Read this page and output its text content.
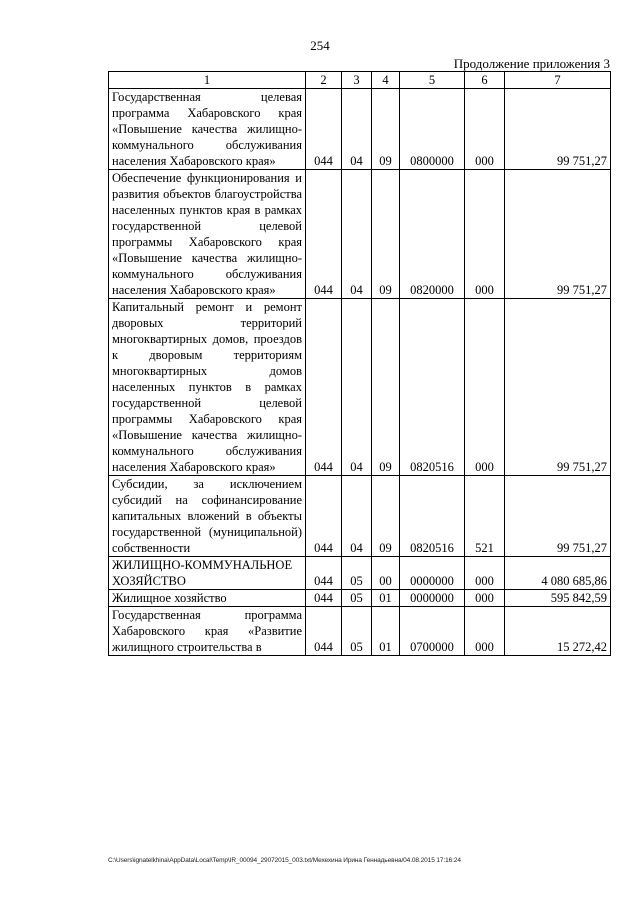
254
Продолжение приложения 3
1	2	3	4	5	6	7
Государственная целевая программа Хабаровского края «Повышение качества жилищно-коммунального обслуживания населения Хабаровского края»	044	04	09	0800000	000	99 751,27
Обеспечение функционирования и развития объектов благоустройства населенных пунктов края в рамках государственной целевой программы Хабаровского края «Повышение качества жилищно-коммунального обслуживания населения Хабаровского края»	044	04	09	0820000	000	99 751,27
Капитальный ремонт и ремонт дворовых территорий многоквартирных домов, проездов к дворовым территориям многоквартирных домов населенных пунктов в рамках государственной целевой программы Хабаровского края «Повышение качества жилищно-коммунального обслуживания населения Хабаровского края»	044	04	09	0820516	000	99 751,27
Субсидии, за исключением субсидий на софинансирование капитальных вложений в объекты государственной (муниципальной) собственности	044	04	09	0820516	521	99 751,27
ЖИЛИЩНО-КОММУНАЛЬНОЕ ХОЗЯЙСТВО	044	05	00	0000000	000	4 080 685,86
Жилищное хозяйство	044	05	01	0000000	000	595 842,59
Государственная программа Хабаровского края «Развитие жилищного строительства в	044	05	01	0700000	000	15 272,42
C:\Users\ignatelkhina\AppData\Local\Temp\IR_00094_29072015_003.txt/Мехехина Ирина Геннадьевна/04.08.2015 17:16:24
